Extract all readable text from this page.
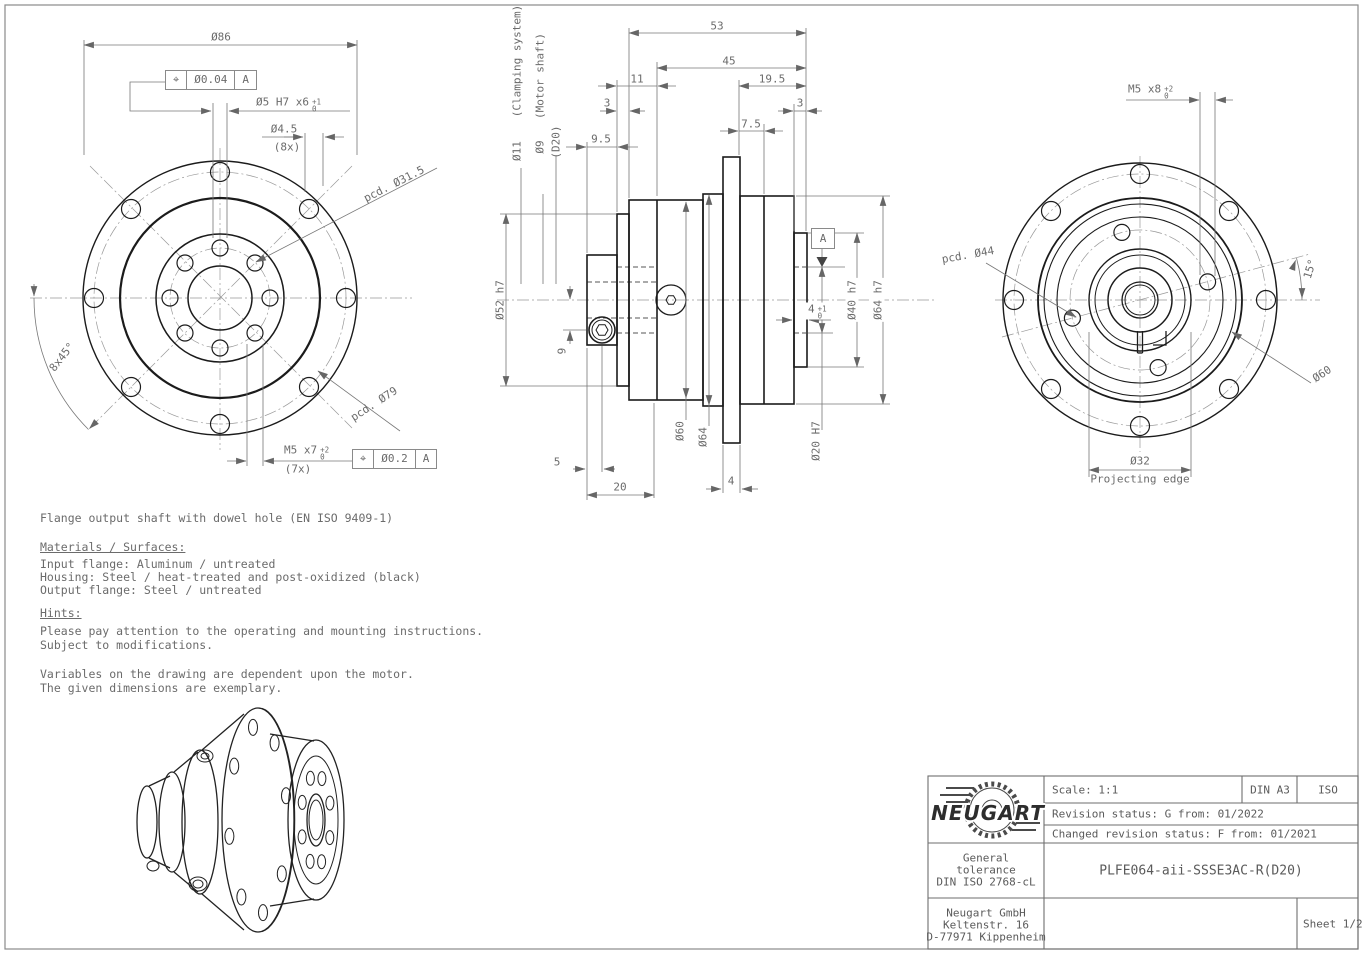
Ø86
⌖	Ø0.04	A
Ø5 H7 x6 +1
0
Ø4.5
(8x)
pcd. Ø31.5
8x45°
pcd. Ø79
M5 x7 +2
0
(7x)
⌖	Ø0.2	A
(Clamping system)
Ø11
(Motor shaft)
Ø9 (D20)	9.5
53
45
11
3
19.5
3
7.5
Ø52 h7
9
Ø60 Ø64
5
20	4
Ø20 H7
Ø40 h7 Ø64 h7
4 +1
0
A
M5 x8 +2
0
pcd. Ø44
15°
Ø60
Ø32
Projecting edge
Flange output shaft with dowel hole (EN ISO 9409-1)
Materials / Surfaces:
Input flange: Aluminum / untreated
Housing: Steel / heat-treated and post-oxidized (black)
Output flange: Steel / untreated
Hints:
Please pay attention to the operating and mounting instructions.
Subject to modifications.
Variables on the drawing are dependent upon the motor.
The given dimensions are exemplary.
NEUGART
Scale: 1:1	DIN A3	ISO
Revision status: G from: 01/2022
Changed revision status: F from: 01/2021
General
tolerance
DIN ISO 2768-cL
PLFE064-aii-SSSE3AC-R(D20)
Neugart GmbH
Keltenstr. 16
D-77971 Kippenheim
Sheet 1/2
